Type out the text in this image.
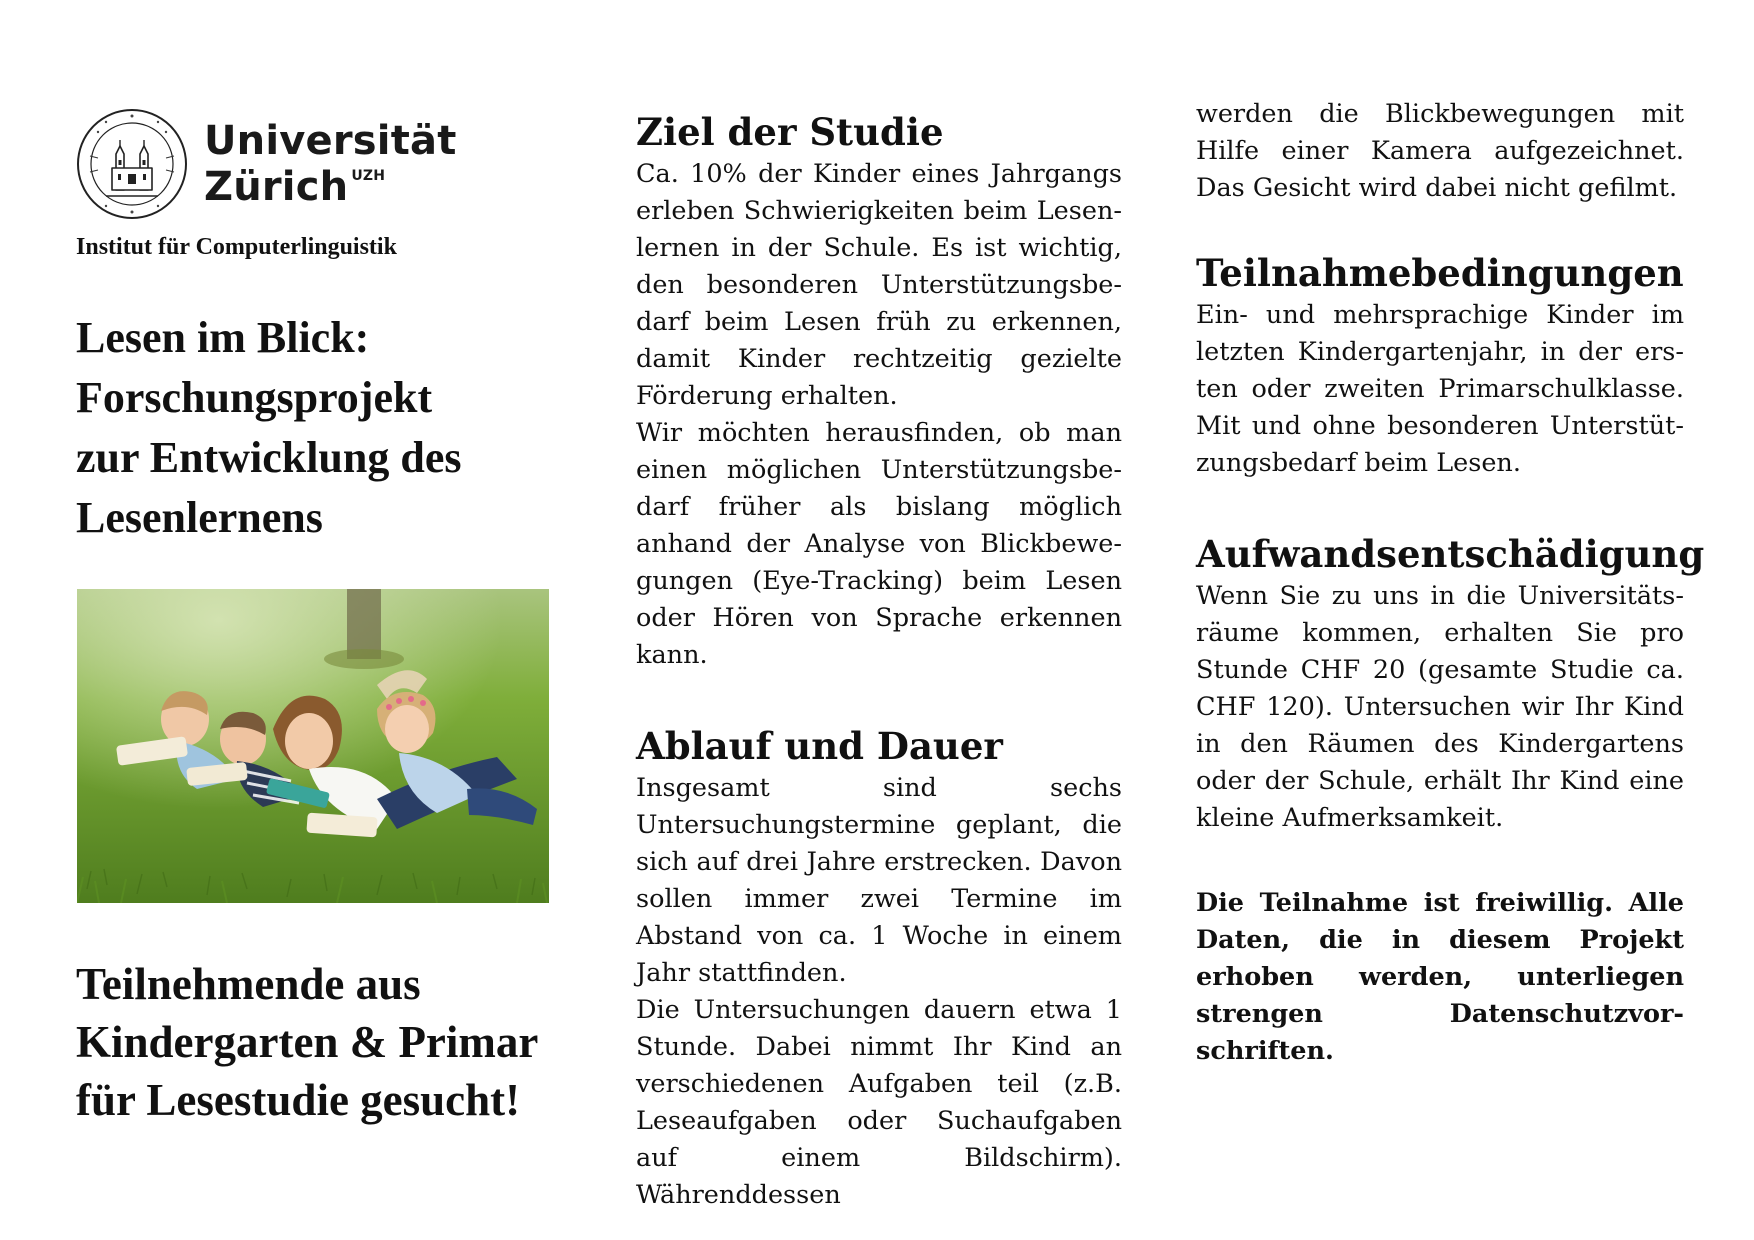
Universität
Zürich $^{UZH}$
Institut für Computerlinguistik
Lesen im Blick:
Forschungsprojekt
zur Entwicklung des
Lesenlernens
Teilnehmende aus
Kindergarten & Primar
für Lesestudie gesucht!
Ziel der Studie

Ca. 10% der Kinder eines Jahrgangs erleben Schwierigkeiten beim Lesenlernen in der Schule. Es ist wichtig, den besonderen Unterstützungsbedarf beim Lesen früh zu erkennen, damit Kinder rechtzeitig gezielte Förderung erhalten.

Wir möchten herausfinden, ob man einen möglichen Unterstützungsbedarf früher als bislang möglich anhand der Analyse von Blickbewegungen (Eye-Tracking) beim Lesen oder Hören von Sprache erkennen kann.

Ablauf und Dauer

Insgesamt sind sechs Untersuchungstermine geplant, die sich auf drei Jahre erstrecken. Davon sollen immer zwei Termine im Abstand von ca. 1 Woche in einem Jahr stattfinden.

Die Untersuchungen dauern etwa 1 Stunde. Dabei nimmt Ihr Kind an verschiedenen Aufgaben teil (z.B. Leseaufgaben oder Suchaufgaben auf einem Bildschirm). Währenddessen

werden die Blickbewegungen mit Hilfe einer Kamera aufgezeichnet. Das Gesicht wird dabei nicht gefilmt.

Teilnahmebedingungen

Ein- und mehrsprachige Kinder im letzten Kindergartenjahr, in der ersten oder zweiten Primarschulklasse. Mit und ohne besonderen Unterstützungsbedarf beim Lesen.

Aufwandsentschädigung

Wenn Sie zu uns in die Universitätsräume kommen, erhalten Sie pro Stunde CHF 20 (gesamte Studie ca. CHF 120). Untersuchen wir Ihr Kind in den Räumen des Kindergartens oder der Schule, erhält Ihr Kind eine kleine Aufmerksamkeit.

Die Teilnahme ist freiwillig. Alle Daten, die in diesem Projekt erhoben werden, unterliegen strengen Datenschutzvorschriften.
